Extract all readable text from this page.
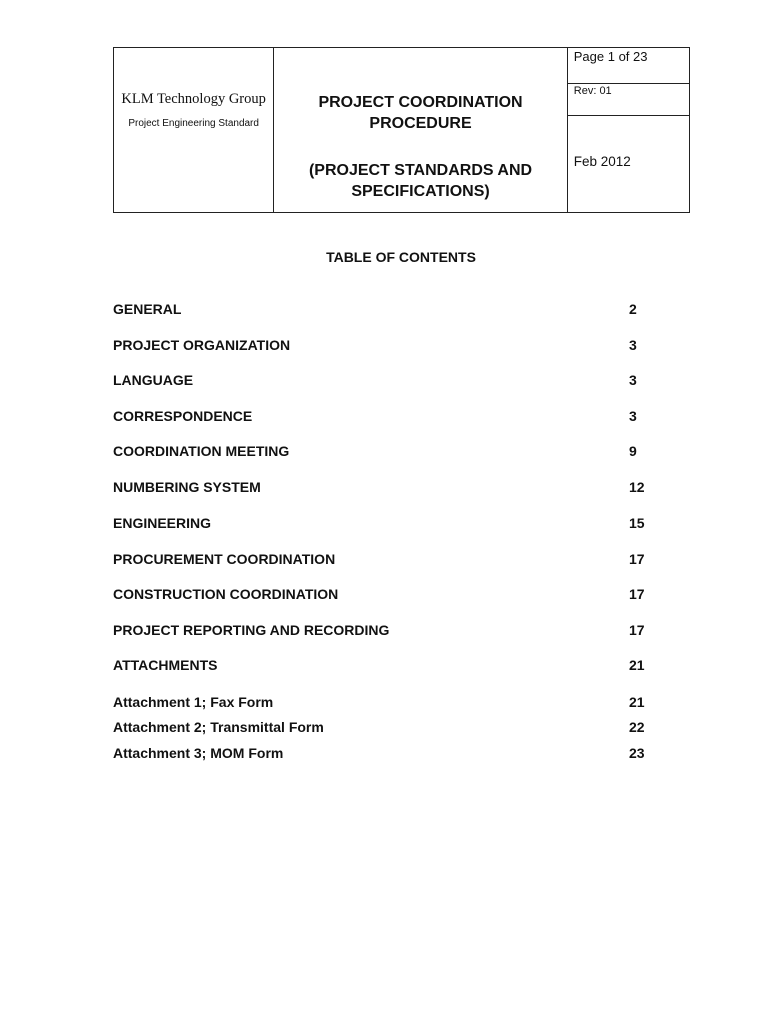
KLM Technology Group
Project Engineering Standard

PROJECT COORDINATION PROCEDURE
(PROJECT STANDARDS AND SPECIFICATIONS)

Page 1 of 23
Rev: 01
Feb 2012
TABLE OF CONTENTS
GENERAL	2
PROJECT ORGANIZATION	3
LANGUAGE	3
CORRESPONDENCE	3
COORDINATION MEETING	9
NUMBERING SYSTEM	12
ENGINEERING	15
PROCUREMENT COORDINATION	17
CONSTRUCTION COORDINATION	17
PROJECT REPORTING AND RECORDING	17
ATTACHMENTS	21
Attachment 1; Fax Form	21
Attachment 2; Transmittal Form	22
Attachment 3; MOM Form	23
